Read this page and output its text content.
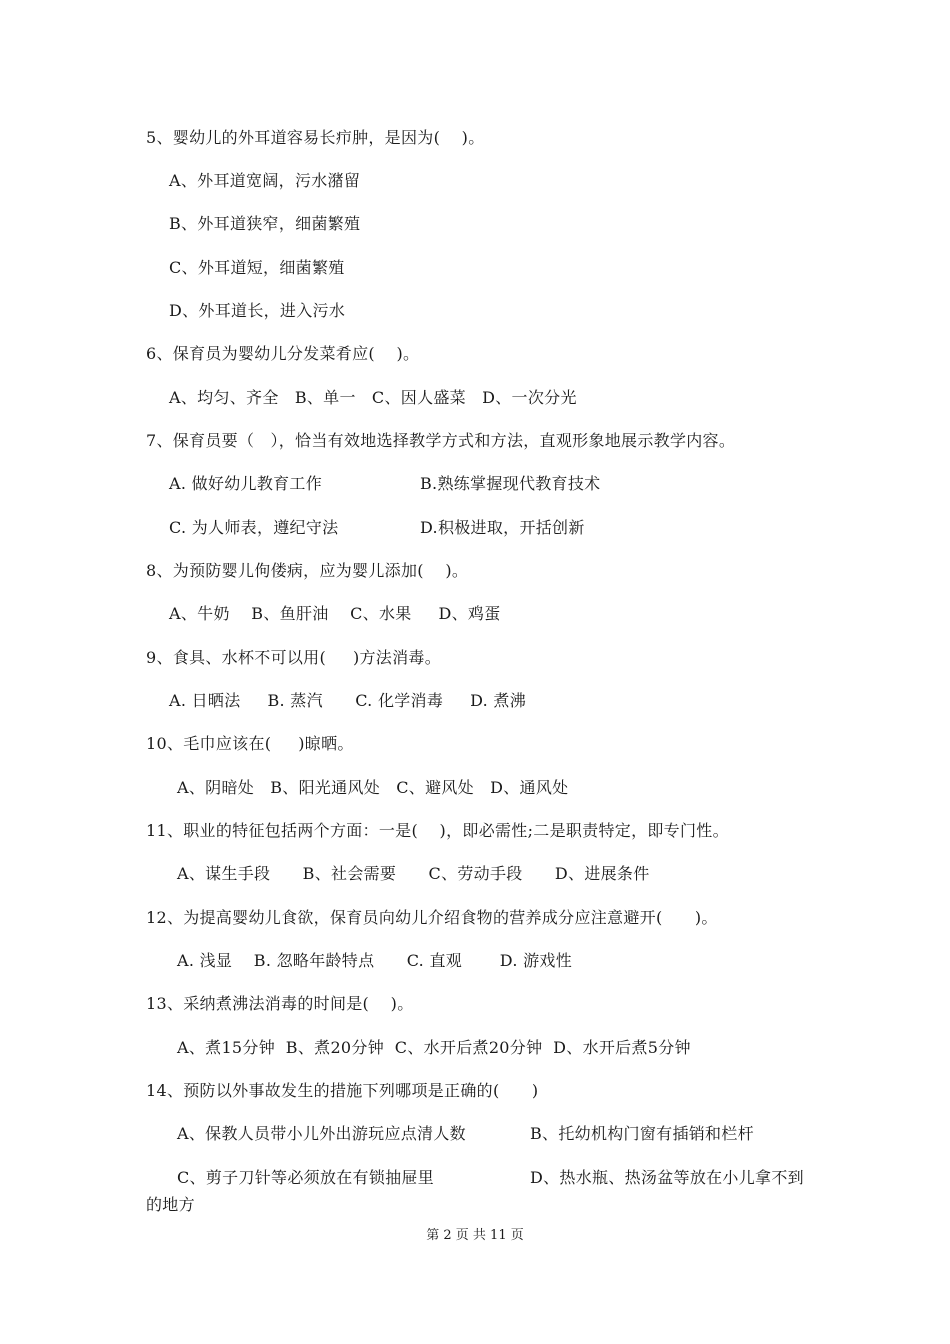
5、婴幼儿的外耳道容易长疖肿，是因为(    )。
A、外耳道宽阔，污水潴留
B、外耳道狭窄，细菌繁殖
C、外耳道短，细菌繁殖
D、外耳道长，进入污水
6、保育员为婴幼儿分发菜肴应(    )。
A、均匀、齐全   B、单一   C、因人盛菜   D、一次分光
7、保育员要（   ），恰当有效地选择教学方式和方法，直观形象地展示教学内容。
A. 做好幼儿教育工作	B.熟练掌握现代教育技术
C. 为人师表，遵纪守法	D.积极进取，开括创新
8、为预防婴儿佝偻病，应为婴儿添加(    )。
A、牛奶    B、鱼肝油    C、水果     D、鸡蛋
9、食具、水杯不可以用(     )方法消毒。
A. 日晒法     B. 蒸汽      C. 化学消毒     D. 煮沸
10、毛巾应该在(     )晾晒。
A、阴暗处   B、阳光通风处   C、避风处   D、通风处
11、职业的特征包括两个方面：一是(    )，即必需性;二是职责特定，即专门性。
A、谋生手段      B、社会需要      C、劳动手段      D、进展条件
12、为提高婴幼儿食欲，保育员向幼儿介绍食物的营养成分应注意避开(      )。
A. 浅显    B. 忽略年龄特点      C. 直观       D. 游戏性
13、采纳煮沸法消毒的时间是(    )。
A、煮15分钟  B、煮20分钟  C、水开后煮20分钟  D、水开后煮5分钟
14、预防以外事故发生的措施下列哪项是正确的(      )
A、保教人员带小儿外出游玩应点清人数	B、托幼机构门窗有插销和栏杆
C、剪子刀针等必须放在有锁抽屉里	D、热水瓶、热汤盆等放在小儿拿不到
的地方
第 2 页 共 11 页
